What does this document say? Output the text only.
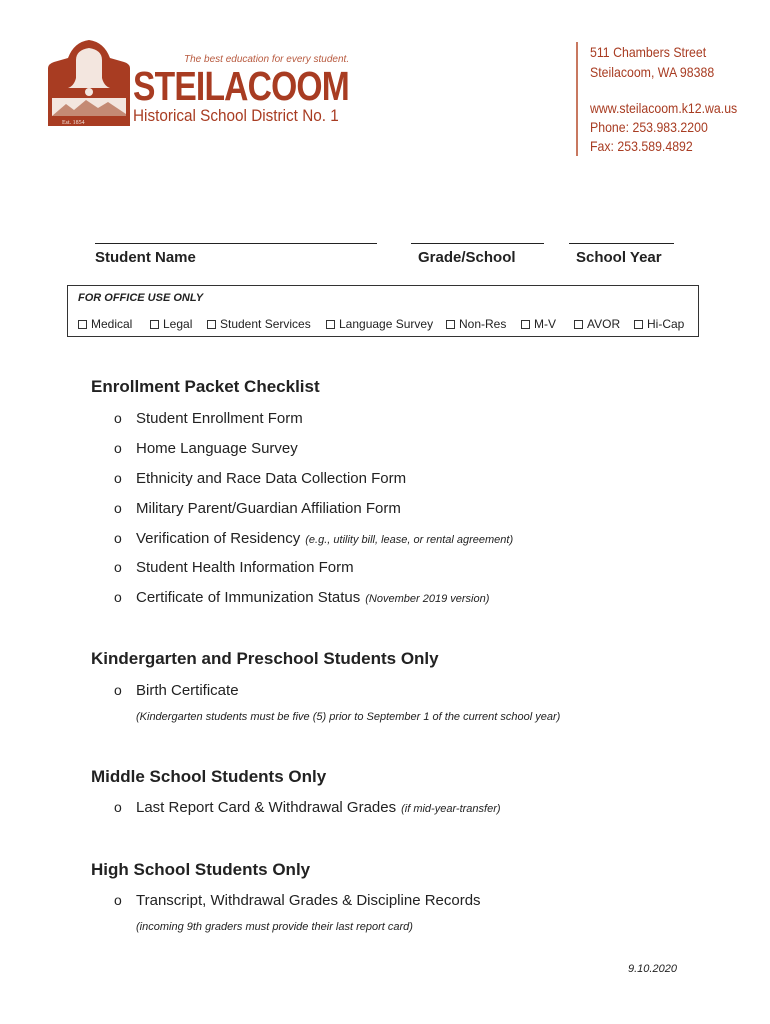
Est. 1854
The best education for every student.
STEILACOOM
Historical School District No. 1
511 Chambers Street
Steilacoom, WA 98388
www.steilacoom.k12.wa.us
Phone: 253.983.2200
Fax: 253.589.4892
Student Name	Grade/School	School Year
FOR OFFICE USE ONLY
Medical	Legal Student Services Language Survey Non-Res M-V	AVOR Hi-Cap
Enrollment Packet Checklist
o Student Enrollment Form
o Home Language Survey
o Ethnicity and Race Data Collection Form
o Military Parent/Guardian Affiliation Form
o Verification of Residency (e.g., utility bill, lease, or rental agreement)
o Student Health Information Form
o Certificate of Immunization Status (November 2019 version)
Kindergarten and Preschool Students Only
o Birth Certificate
(Kindergarten students must be five (5) prior to September 1 of the current school year)
Middle School Students Only
o Last Report Card & Withdrawal Grades (if mid-year-transfer)
High School Students Only
o Transcript, Withdrawal Grades & Discipline Records
(incoming 9th graders must provide their last report card)
9.10.2020
